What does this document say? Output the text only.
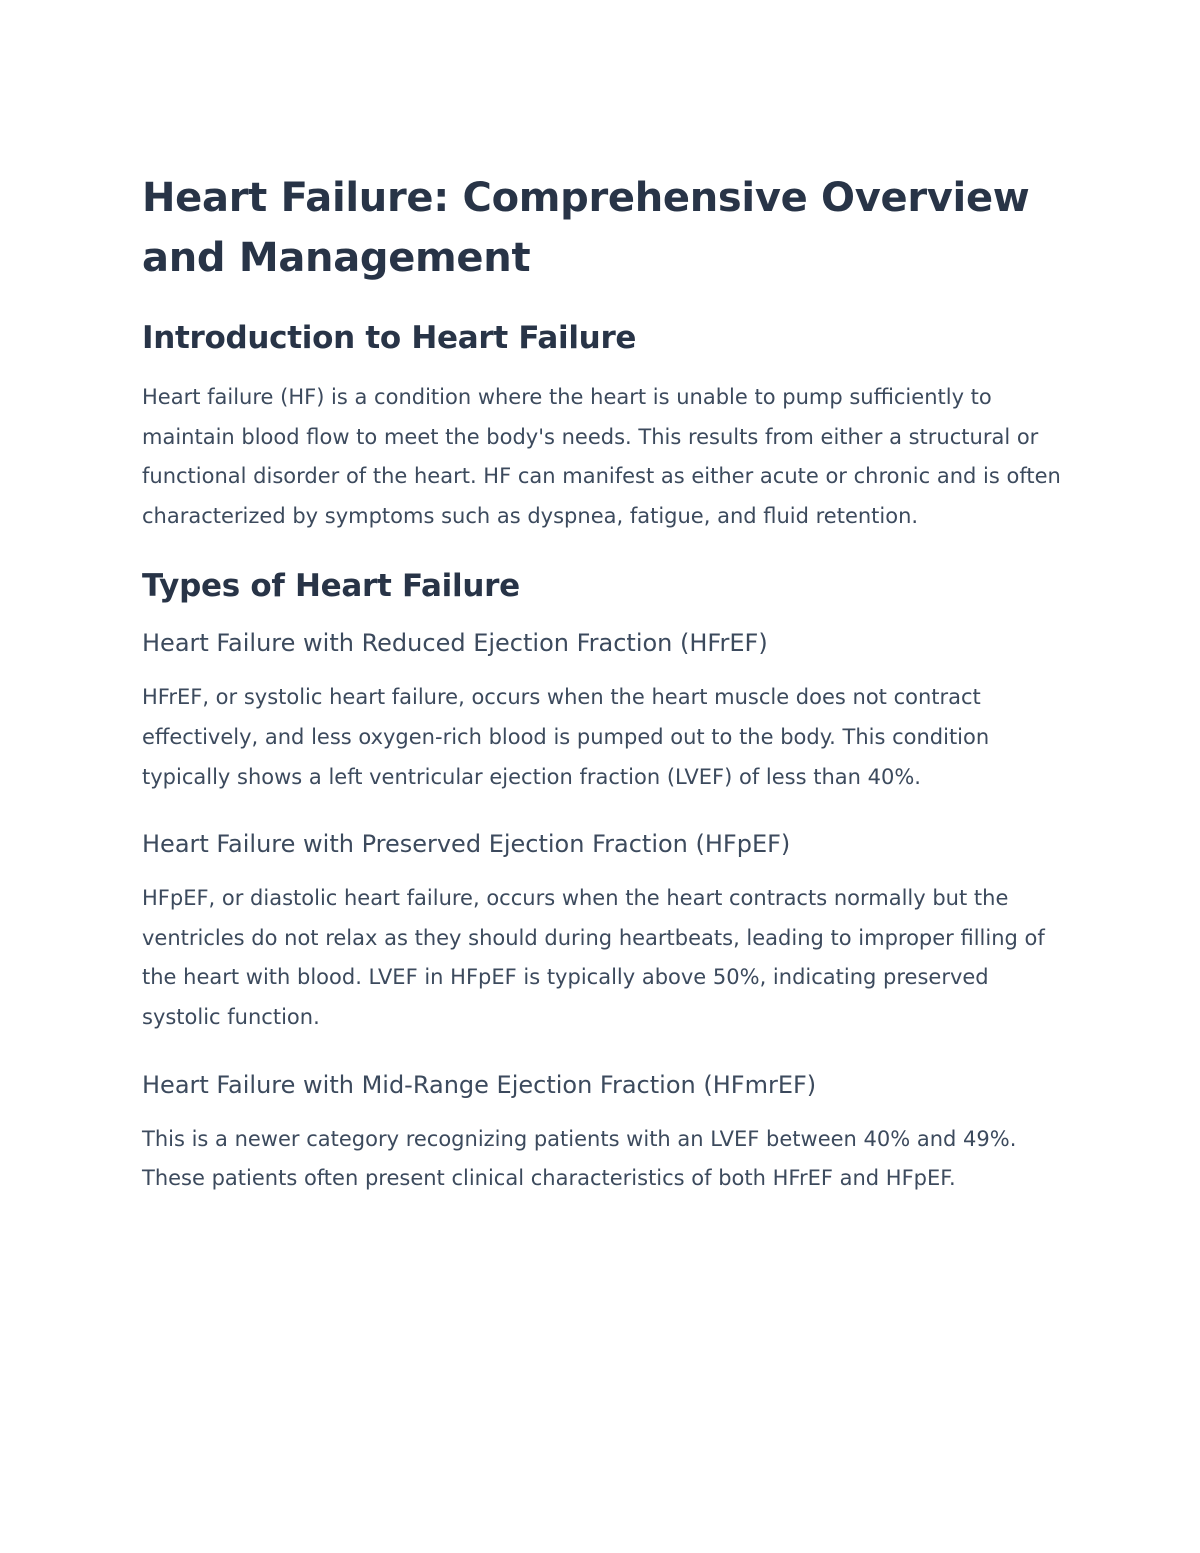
Heart Failure: Comprehensive Overview and Management
Introduction to Heart Failure

Heart failure (HF) is a condition where the heart is unable to pump sufficiently to maintain blood flow to meet the body's needs. This results from either a structural or functional disorder of the heart. HF can manifest as either acute or chronic and is often characterized by symptoms such as dyspnea, fatigue, and fluid retention.

Types of Heart Failure
Heart Failure with Reduced Ejection Fraction (HFrEF)

HFrEF, or systolic heart failure, occurs when the heart muscle does not contract effectively, and less oxygen-rich blood is pumped out to the body. This condition typically shows a left ventricular ejection fraction (LVEF) of less than 40%.

Heart Failure with Preserved Ejection Fraction (HFpEF)

HFpEF, or diastolic heart failure, occurs when the heart contracts normally but the ventricles do not relax as they should during heartbeats, leading to improper filling of the heart with blood. LVEF in HFpEF is typically above 50%, indicating preserved systolic function.

Heart Failure with Mid-Range Ejection Fraction (HFmrEF)

This is a newer category recognizing patients with an LVEF between 40% and 49%. These patients often present clinical characteristics of both HFrEF and HFpEF.
